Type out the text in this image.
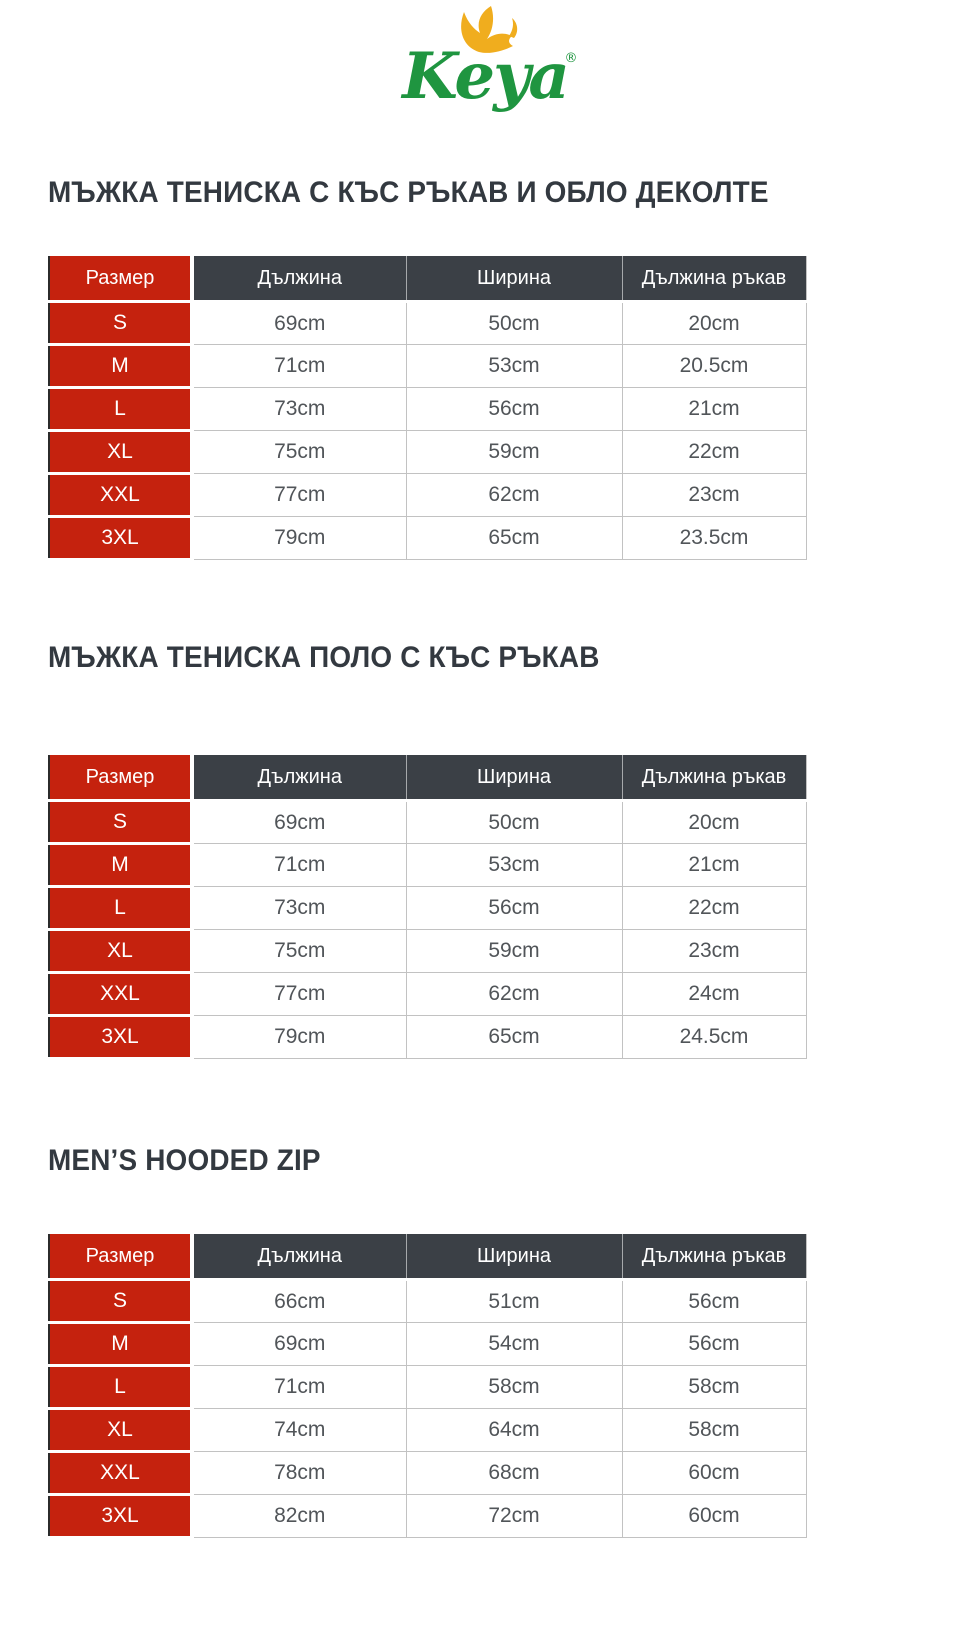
Keya
®
МЪЖКА ТЕНИСКА С КЪС РЪКАВ И ОБЛО ДЕКОЛТЕ
Размер	Дължина	Ширина	Дължина ръкав
S	69cm	50cm	20cm
M	71cm	53cm	20.5cm
L	73cm	56cm	21cm
XL	75cm	59cm	22cm
XXL	77cm	62cm	23cm
3XL	79cm	65cm	23.5cm
МЪЖКА ТЕНИСКА ПОЛО С КЪС РЪКАВ
Размер	Дължина	Ширина	Дължина ръкав
S	69cm	50cm	20cm
M	71cm	53cm	21cm
L	73cm	56cm	22cm
XL	75cm	59cm	23cm
XXL	77cm	62cm	24cm
3XL	79cm	65cm	24.5cm
MEN’S HOODED ZIP
Размер	Дължина	Ширина	Дължина ръкав
S	66cm	51cm	56cm
M	69cm	54cm	56cm
L	71cm	58cm	58cm
XL	74cm	64cm	58cm
XXL	78cm	68cm	60cm
3XL	82cm	72cm	60cm
